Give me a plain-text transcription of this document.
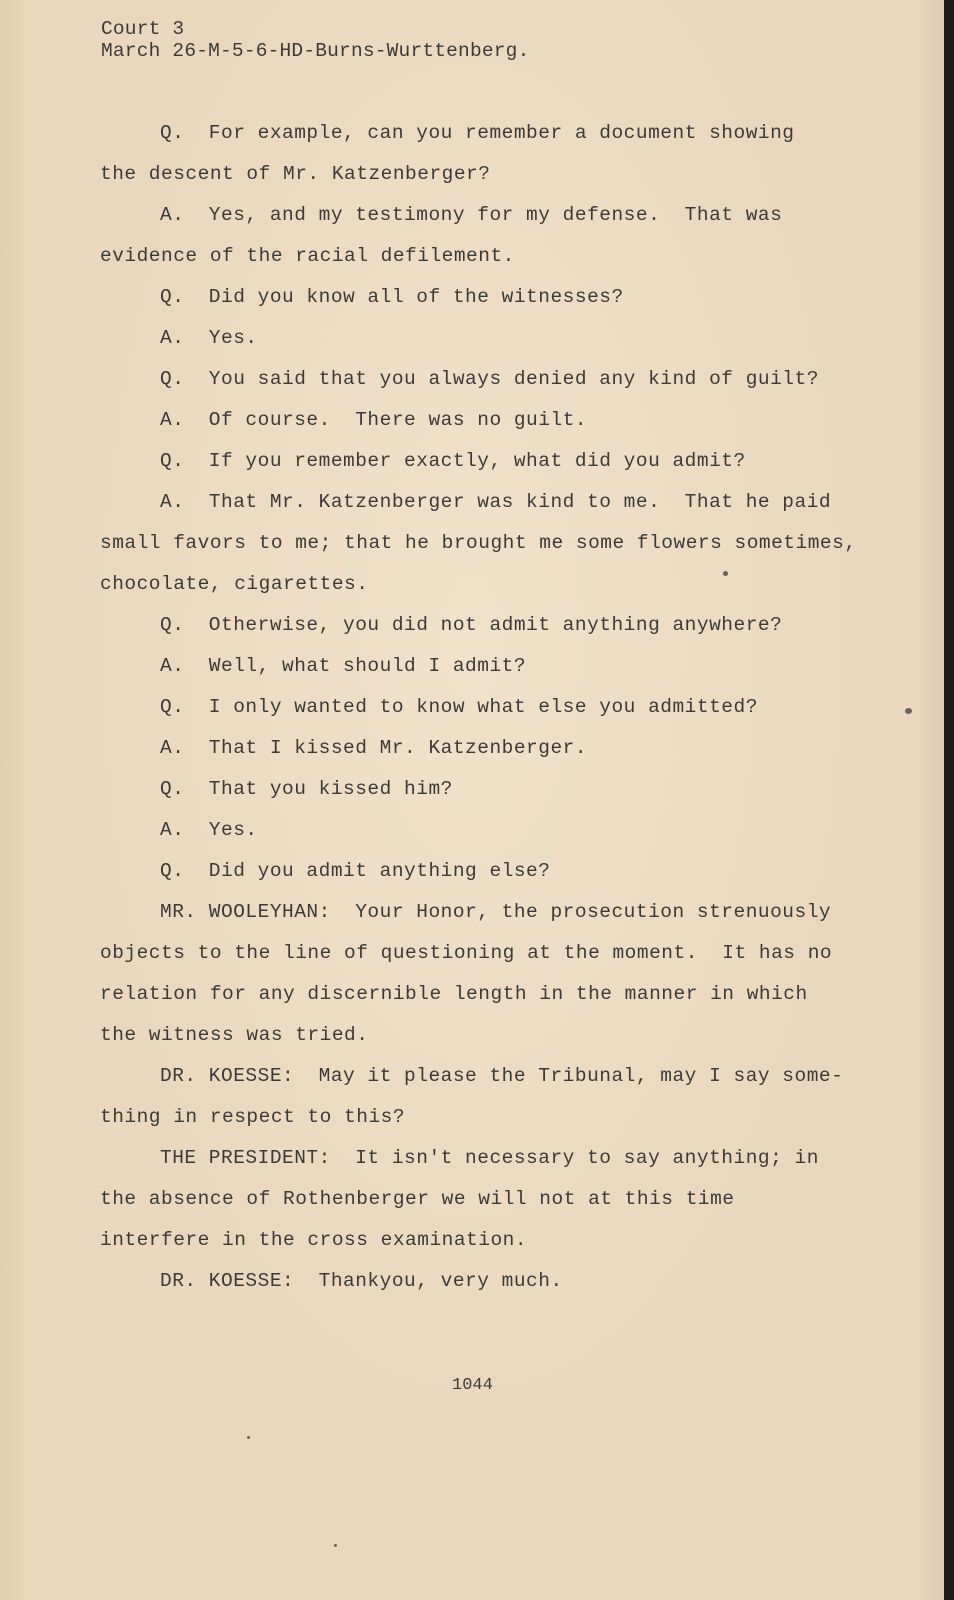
Court 3
March 26-M-5-6-HD-Burns-Wurttenberg.
Q.  For example, can you remember a document showing
the descent of Mr. Katzenberger?
A.  Yes, and my testimony for my defense.  That was
evidence of the racial defilement.
Q.  Did you know all of the witnesses?
A.  Yes.
Q.  You said that you always denied any kind of guilt?
A.  Of course.  There was no guilt.
Q.  If you remember exactly, what did you admit?
A.  That Mr. Katzenberger was kind to me.  That he paid
small favors to me; that he brought me some flowers sometimes,
chocolate, cigarettes.
Q.  Otherwise, you did not admit anything anywhere?
A.  Well, what should I admit?
Q.  I only wanted to know what else you admitted?
A.  That I kissed Mr. Katzenberger.
Q.  That you kissed him?
A.  Yes.
Q.  Did you admit anything else?
MR. WOOLEYHAN:  Your Honor, the prosecution strenuously
objects to the line of questioning at the moment.  It has no
relation for any discernible length in the manner in which
the witness was tried.
DR. KOESSE:  May it please the Tribunal, may I say some-
thing in respect to this?
THE PRESIDENT:  It isn't necessary to say anything; in
the absence of Rothenberger we will not at this time
interfere in the cross examination.
DR. KOESSE:  Thankyou, very much.
1044
